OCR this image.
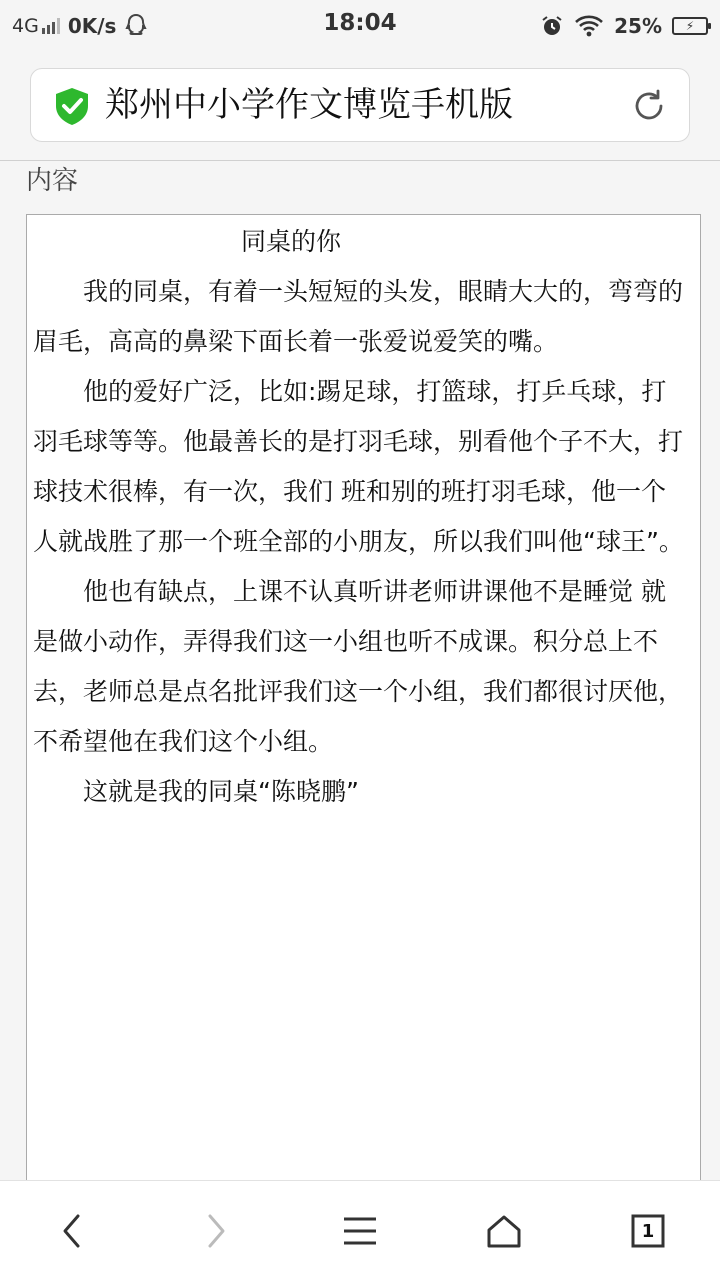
4G 0K/s	18:04	25%	⚡
郑州中小学作文博览手机版
内容
同桌的你

我的同桌，有着一头短短的头发，眼睛大大的，弯弯的眉毛，高高的鼻梁下面长着一张爱说爱笑的嘴。

他的爱好广泛，比如:踢足球，打篮球，打乒乓球，打羽毛球等等。他最善长的是打羽毛球，别看他个子不大，打球技术很棒，有一次，我们 班和别的班打羽毛球，他一个人就战胜了那一个班全部的小朋友，所以我们叫他“球王”。

他也有缺点，上课不认真听讲老师讲课他不是睡觉 就是做小动作，弄得我们这一小组也听不成课。积分总上不去，老师总是点名批评我们这一个小组，我们都很讨厌他，不希望他在我们这个小组。

这就是我的同桌“陈晓鹏”

1
